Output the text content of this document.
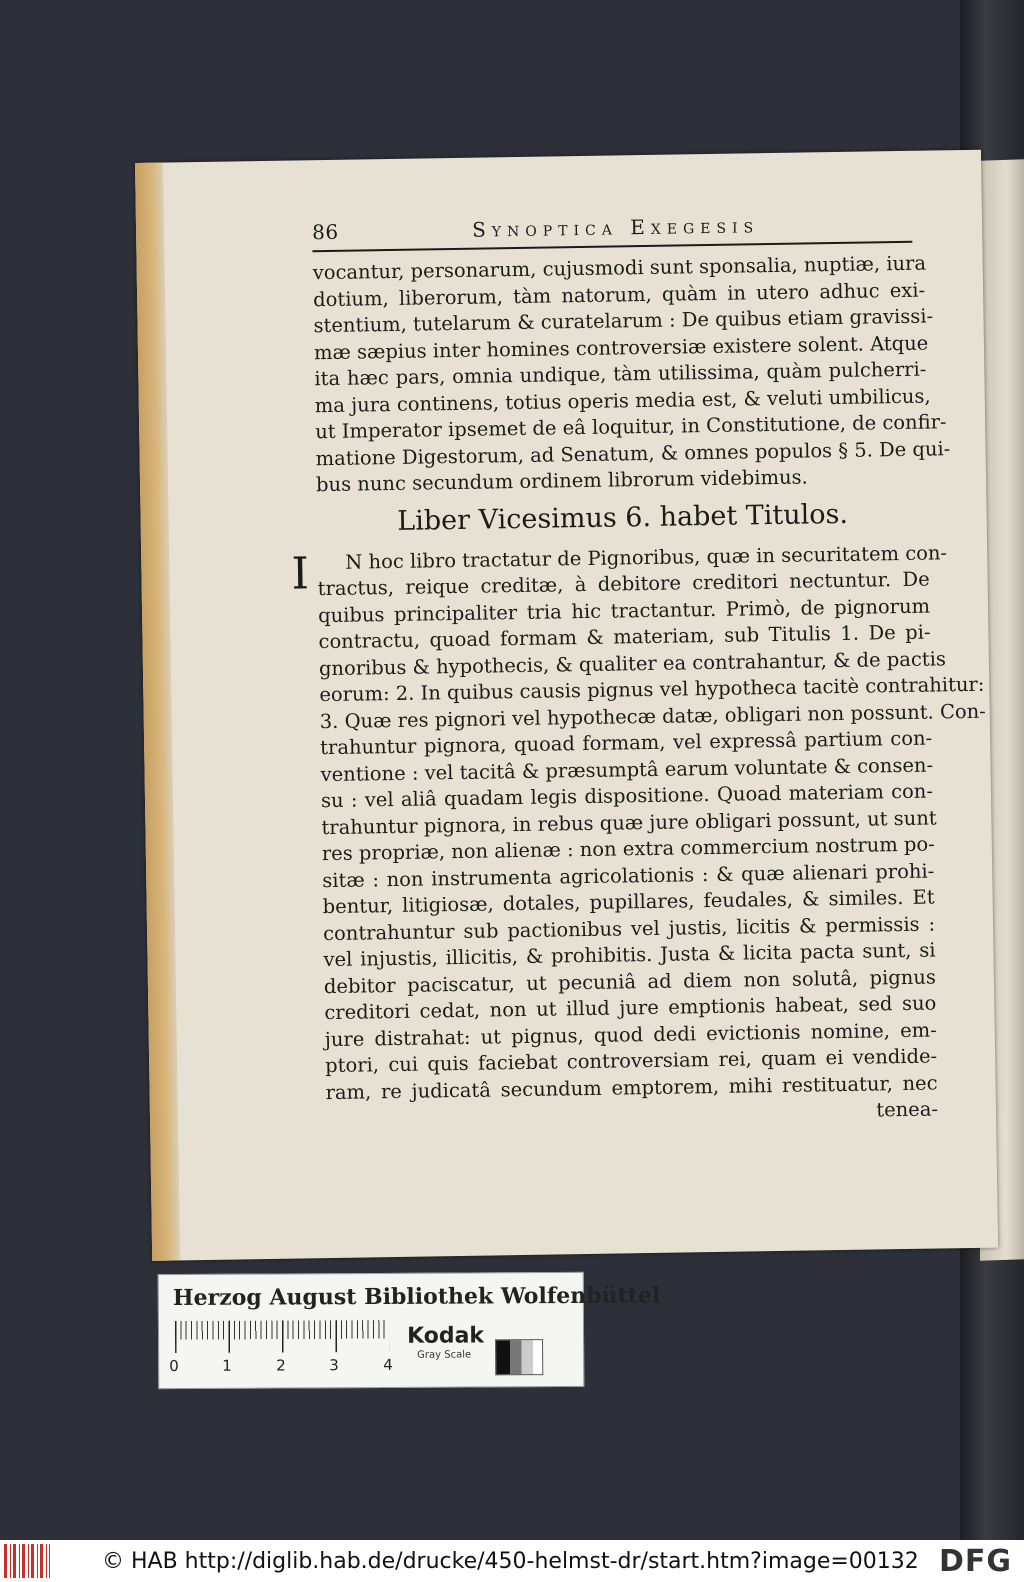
86	Synoptica Exegesis
vocantur, personarum, cujusmodi sunt sponsalia, nuptiæ, iura
dotium, liberorum, tàm natorum, quàm in utero adhuc exi-
stentium, tutelarum & curatelarum : De quibus etiam gravissi-
mæ sæpius inter homines controversiæ existere solent. Atque
ita hæc pars, omnia undique, tàm utilissima, quàm pulcherri-
ma jura continens, totius operis media est, & veluti umbilicus,
ut Imperator ipsemet de eâ loquitur, in Constitutione, de confir-
matione Digestorum, ad Senatum, & omnes populos § 5. De qui-
bus nunc secundum ordinem librorum videbimus.
Liber Vicesimus 6. habet Titulos.
I N hoc libro tractatur de Pignoribus, quæ in securitatem con-
tractus, reique creditæ, à debitore creditori nectuntur. De
quibus principaliter tria hic tractantur. Primò, de pignorum
contractu, quoad formam & materiam, sub Titulis 1. De pi-
gnoribus & hypothecis, & qualiter ea contrahantur, & de pactis
eorum: 2. In quibus causis pignus vel hypotheca tacitè contrahitur:
3. Quæ res pignori vel hypothecæ datæ, obligari non possunt. Con-
trahuntur pignora, quoad formam, vel expressâ partium con-
ventione : vel tacitâ & præsumptâ earum voluntate & consen-
su : vel aliâ quadam legis dispositione. Quoad materiam con-
trahuntur pignora, in rebus quæ jure obligari possunt, ut sunt
res propriæ, non alienæ : non extra commercium nostrum po-
sitæ : non instrumenta agricolationis : & quæ alienari prohi-
bentur, litigiosæ, dotales, pupillares, feudales, & similes. Et
contrahuntur sub pactionibus vel justis, licitis & permissis :
vel injustis, illicitis, & prohibitis. Justa & licita pacta sunt, si
debitor paciscatur, ut pecuniâ ad diem non solutâ, pignus
creditori cedat, non ut illud jure emptionis habeat, sed suo
jure distrahat: ut pignus, quod dedi evictionis nomine, em-
ptori, cui quis faciebat controversiam rei, quam ei vendide-
ram, re judicatâ secundum emptorem, mihi restituatur, nec
tenea-
Herzog August Bibliothek Wolfenbüttel
0	1	2	3	4
Kodak
Gray Scale
© HAB http://diglib.hab.de/drucke/450-helmst-dr/start.htm?image=00132 DFG
